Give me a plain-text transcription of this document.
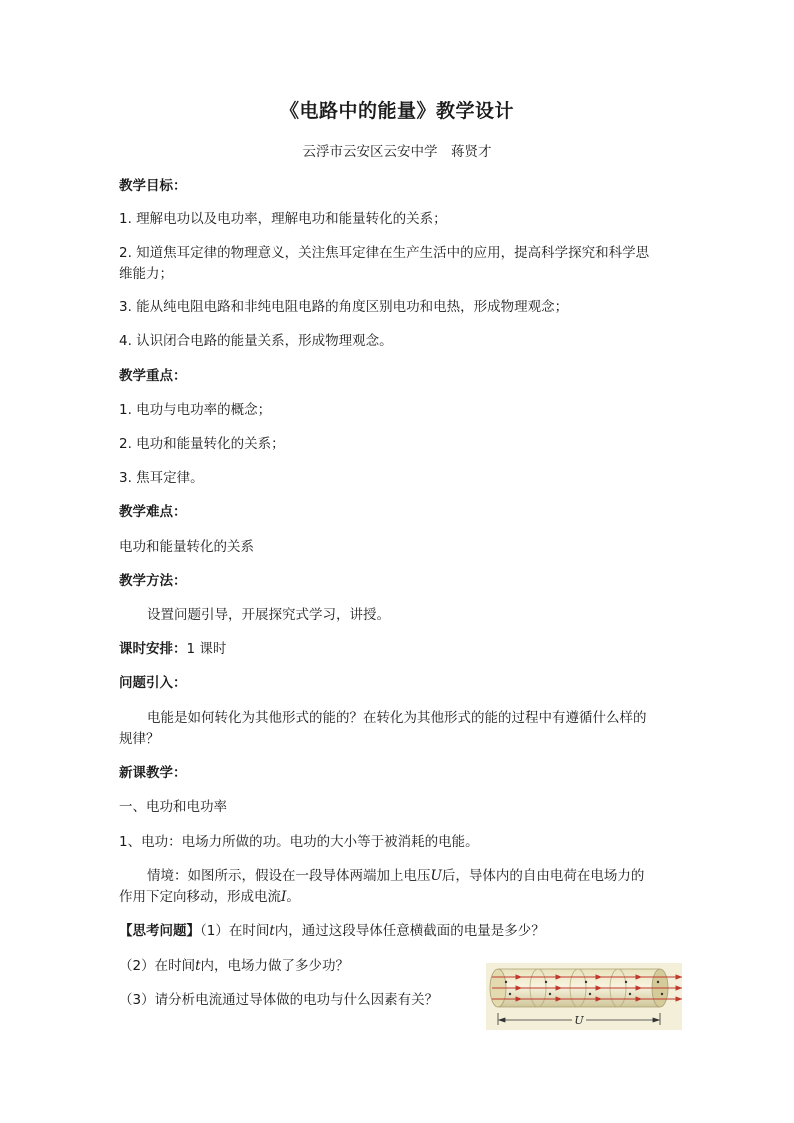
《电路中的能量》教学设计
云浮市云安区云安中学　蒋贤才
教学目标：
1. 理解电功以及电功率，理解电功和能量转化的关系；
2. 知道焦耳定律的物理意义，关注焦耳定律在生产生活中的应用，提高科学探究和科学思
维能力；
3. 能从纯电阻电路和非纯电阻电路的角度区别电功和电热，形成物理观念；
4. 认识闭合电路的能量关系，形成物理观念。
教学重点：
1. 电功与电功率的概念；
2. 电功和能量转化的关系；
3. 焦耳定律。
教学难点：
电功和能量转化的关系
教学方法：
设置问题引导，开展探究式学习，讲授。
课时安排：1 课时
问题引入：
电能是如何转化为其他形式的能的？在转化为其他形式的能的过程中有遵循什么样的
规律？
新课教学：
一、电功和电功率
1、电功：电场力所做的功。电功的大小等于被消耗的电能。
情境：如图所示，假设在一段导体两端加上电压U后，导体内的自由电荷在电场力的
作用下定向移动，形成电流I。
【思考问题】（1）在时间t内，通过这段导体任意横截面的电量是多少？
（2）在时间t内，电场力做了多少功？
（3）请分析电流通过导体做的电功与什么因素有关？
U
